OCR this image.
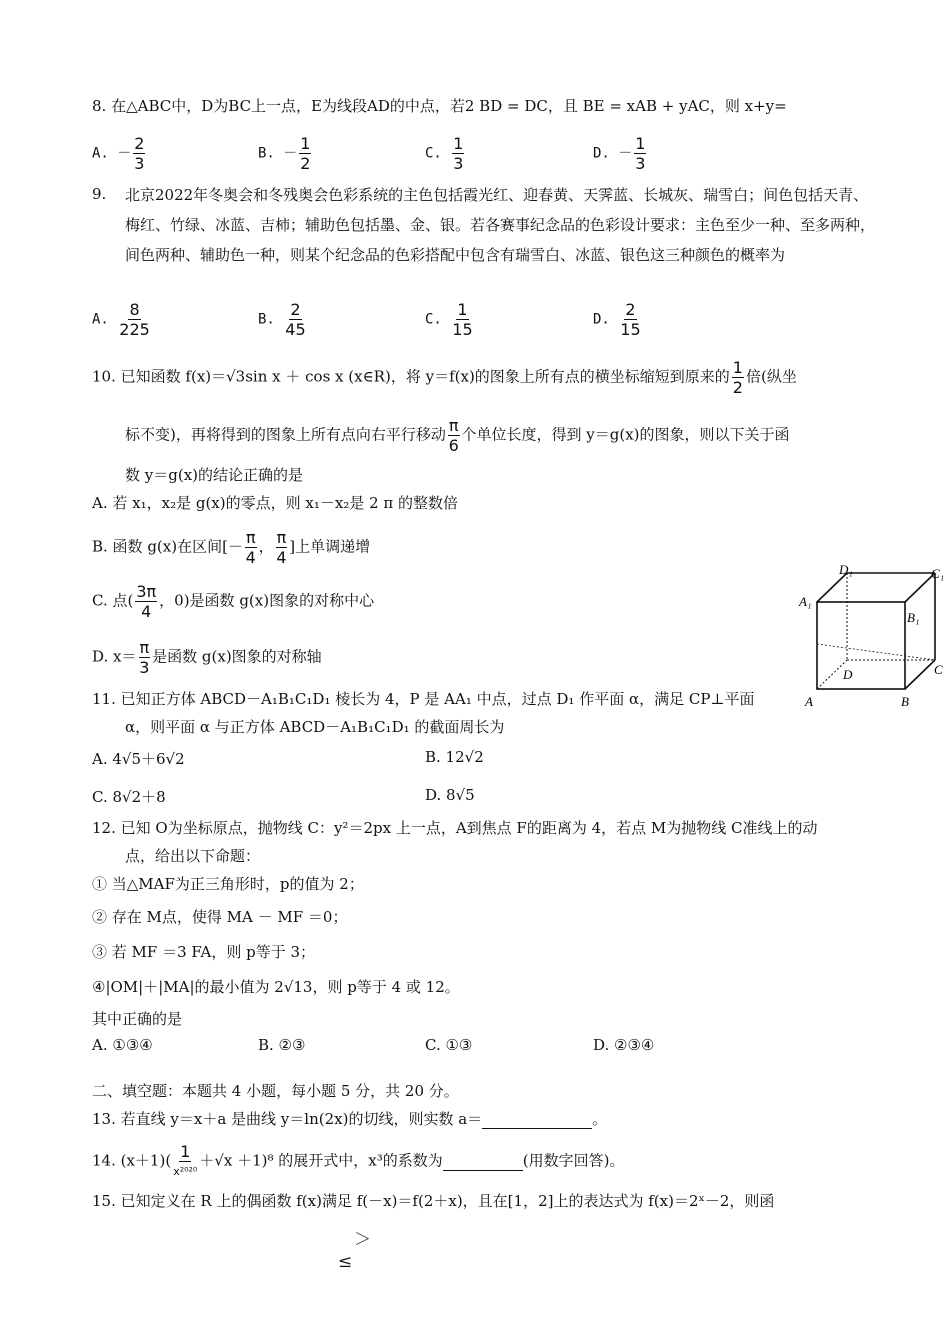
8. 在△ABC中，D为BC上一点，E为线段AD的中点，若2 BD = DC，且 BE = xAB + yAC，则 x+y=
A. － $\frac{2}{3}$	B. － $\frac{1}{2}$	C. $\frac{1}{3}$	D. － $\frac{1}{3}$
9. 北京2022年冬奥会和冬残奥会色彩系统的主色包括霞光红、迎春黄、天霁蓝、长城灰、瑞雪白；间色包括天青、梅红、竹绿、冰蓝、吉柿；辅助色包括墨、金、银。若各赛事纪念品的色彩设计要求：主色至少一种、至多两种，间色两种、辅助色一种，则某个纪念品的色彩搭配中包含有瑞雪白、冰蓝、银色这三种颜色的概率为
A. $\frac{8}{225}$	B. $\frac{2}{45}$	C. $\frac{1}{15}$	D. $\frac{2}{15}$
10. 已知函数 f(x)＝√3sin x ＋ cos x (x∈R)，将 y＝f(x)的图象上所有点的横坐标缩短到原来的 $\frac{1}{2}$ 倍(纵坐
标不变)，再将得到的图象上所有点向右平行移动 $\frac{\pi}{6}$ 个单位长度，得到 y＝g(x)的图象，则以下关于函
数 y＝g(x)的结论正确的是
A. 若 x₁，x₂是 g(x)的零点，则 x₁－x₂是 2 π 的整数倍
B. 函数 g(x)在区间[－ $\frac{\pi}{4}$ ， $\frac{\pi}{4}$ ]上单调递增
C. 点( $\frac{3\pi}{4}$ ，0)是函数 g(x)图象的对称中心
D. $x= \frac{\pi}{3}$ 是函数 g(x)图象的对称轴
D₁	C₁
A₁
B₁
D	C
A	B
11. 已知正方体 ABCD－A₁B₁C₁D₁ 棱长为 4，P 是 AA₁ 中点，过点 D₁ 作平面 α，满足 CP⊥平面
α，则平面 α 与正方体 ABCD－A₁B₁C₁D₁ 的截面周长为
A. 4√5＋6√2	B. 12√2
C. 8√2＋8	D. 8√5
12. 已知 O为坐标原点，抛物线 C：y²＝2px 上一点，A到焦点 F的距离为 4，若点 M为抛物线 C准线上的动
点，给出以下命题：
① 当△MAF为正三角形时，p的值为 2；
② 存在 M点，使得 MA － MF ＝0；
③ 若 MF ＝3 FA，则 p等于 3；
④|OM|＋|MA|的最小值为 2√13，则 p等于 4 或 12。
其中正确的是
A. ①③④	B. ②③	C. ①③	D. ②③④
二、填空题：本题共 4 小题，每小题 5 分，共 20 分。
13. 若直线 y＝x＋a 是曲线 y＝ln(2x)的切线，则实数 a＝	。
14. $(x+1)( \frac{1}{\text{x²⁰²⁰}} +√x +1)^8$ 的展开式中，x³的系数为	(用数字回答)。
15. 已知定义在 R 上的偶函数 f(x)满足 f(－x)＝f(2＋x)，且在[1，2]上的表达式为 f(x)＝2ˣ－2，则函
＞
≤
